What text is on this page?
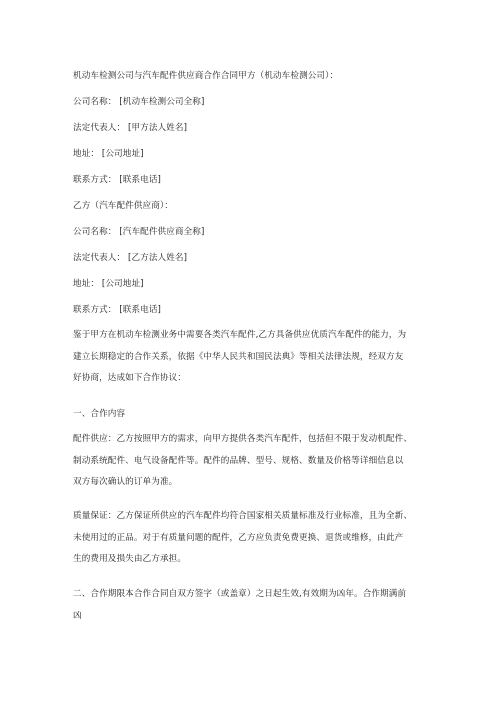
机动车检测公司与汽车配件供应商合作合同甲方（机动车检测公司）：
公司名称： [机动车检测公司全称]
法定代表人： [甲方法人姓名]
地址： [公司地址]
联系方式： [联系电话]
乙方（汽车配件供应商）：
公司名称： [汽车配件供应商全称]
法定代表人： [乙方法人姓名]
地址： [公司地址]
联系方式： [联系电话]
鉴于甲方在机动车检测业务中需要各类汽车配件,乙方具备供应优质汽车配件的能力，为
建立长期稳定的合作关系，依据《中华人民共和国民法典》等相关法律法规，经双方友
好协商，达成如下合作协议：
一、合作内容
配件供应：乙方按照甲方的需求，向甲方提供各类汽车配件，包括但不限于发动机配件、
制动系统配件、电气设备配件等。配件的品牌、型号、规格、数量及价格等详细信息以
双方每次确认的订单为准。
质量保证：乙方保证所供应的汽车配件均符合国家相关质量标准及行业标准，且为全新、
未使用过的正品。对于有质量问题的配件，乙方应负责免费更换、退货或维修，由此产
生的费用及损失由乙方承担。
二、合作期限本合作合同自双方签字（或盖章）之日起生效,有效期为凶年。合作期满前
凶
